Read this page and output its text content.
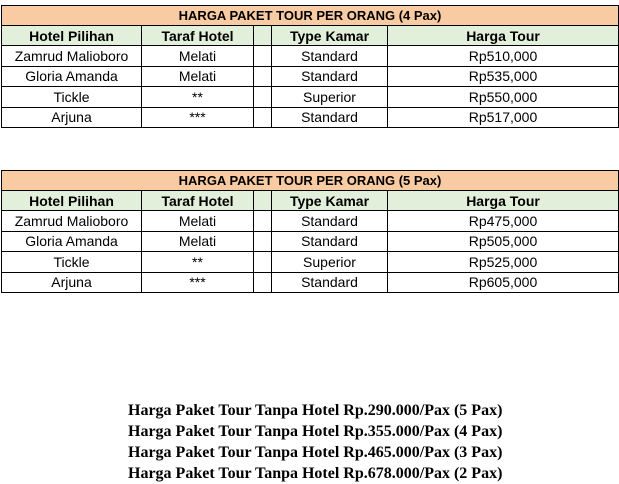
HARGA PAKET TOUR PER ORANG (4 Pax)				
Hotel Pilihan	Taraf Hotel		Type Kamar	Harga Tour
Zamrud Malioboro	Melati		Standard	Rp510,000
Gloria Amanda	Melati		Standard	Rp535,000
Tickle	**		Superior	Rp550,000
Arjuna	***		Standard	Rp517,000
HARGA PAKET TOUR PER ORANG (5 Pax)				
Hotel Pilihan	Taraf Hotel		Type Kamar	Harga Tour
Zamrud Malioboro	Melati		Standard	Rp475,000
Gloria Amanda	Melati		Standard	Rp505,000
Tickle	**		Superior	Rp525,000
Arjuna	***		Standard	Rp605,000
Harga Paket Tour Tanpa Hotel Rp.290.000/Pax (5 Pax)
Harga Paket Tour Tanpa Hotel Rp.355.000/Pax (4 Pax)
Harga Paket Tour Tanpa Hotel Rp.465.000/Pax (3 Pax)
Harga Paket Tour Tanpa Hotel Rp.678.000/Pax (2 Pax)
